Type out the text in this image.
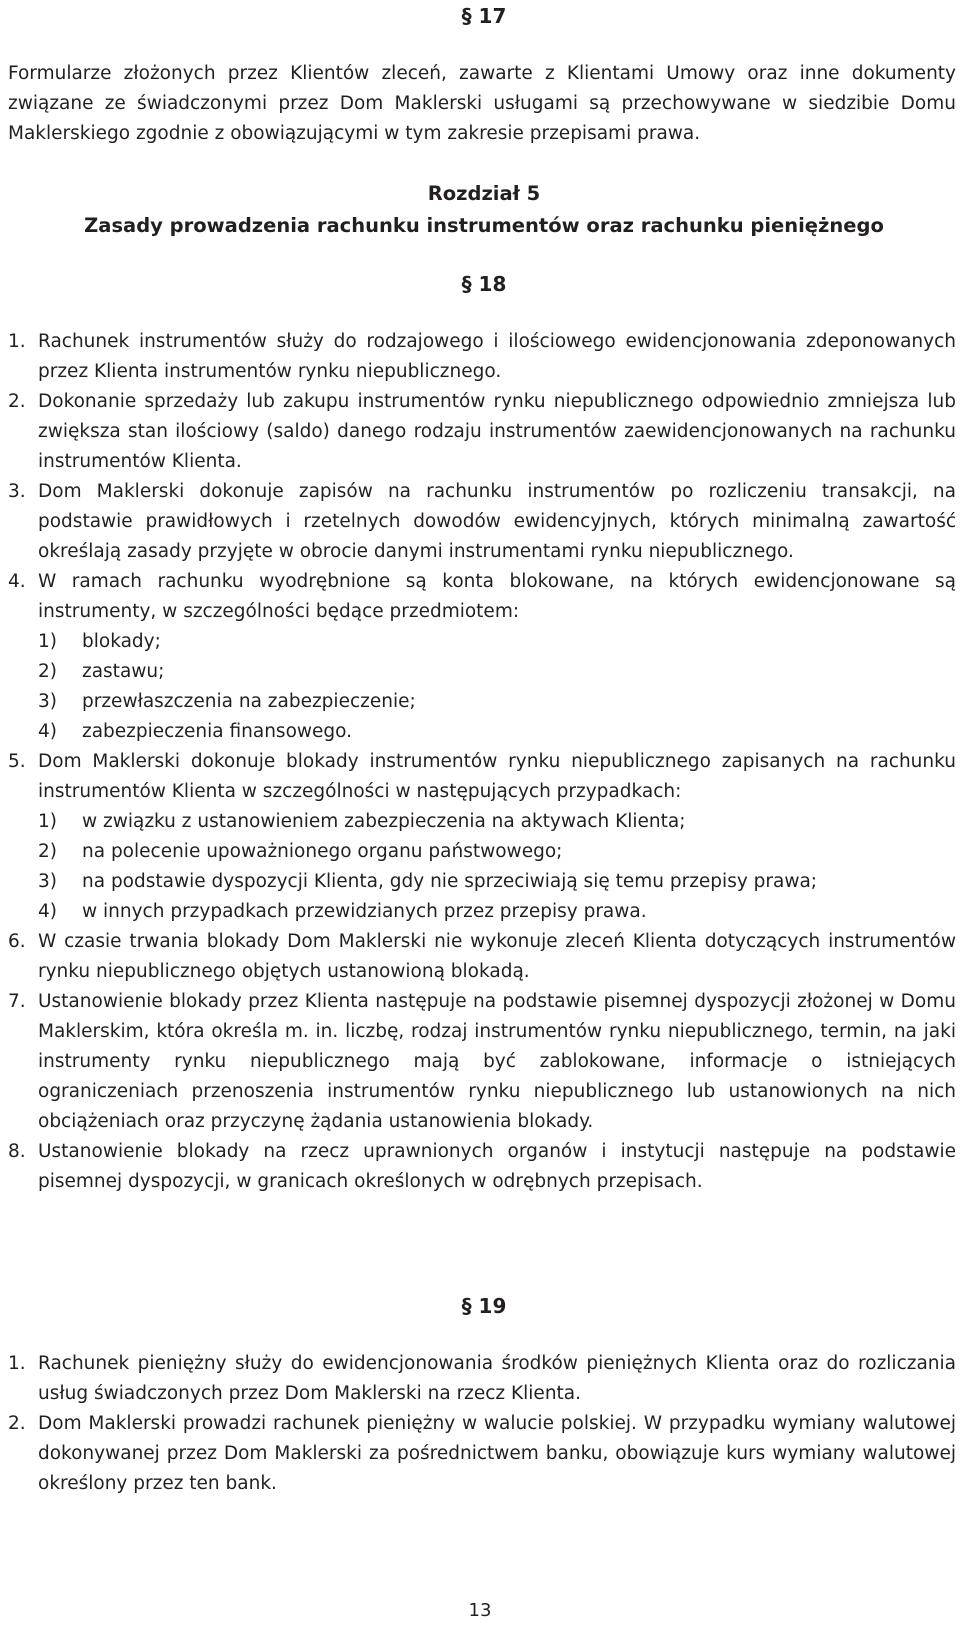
§ 17
Formularze złożonych przez Klientów zleceń, zawarte z Klientami Umowy oraz inne dokumenty związane ze świadczonymi przez Dom Maklerski usługami są przechowywane w siedzibie Domu Maklerskiego zgodnie z obowiązującymi w tym zakresie przepisami prawa.
Rozdział 5
Zasady prowadzenia rachunku instrumentów oraz rachunku pieniężnego
§ 18
1. Rachunek instrumentów służy do rodzajowego i ilościowego ewidencjonowania zdeponowanych przez Klienta instrumentów rynku niepublicznego.
2. Dokonanie sprzedaży lub zakupu instrumentów rynku niepublicznego odpowiednio zmniejsza lub zwiększa stan ilościowy (saldo) danego rodzaju instrumentów zaewidencjonowanych na rachunku instrumentów Klienta.
3. Dom Maklerski dokonuje zapisów na rachunku instrumentów po rozliczeniu transakcji, na podstawie prawidłowych i rzetelnych dowodów ewidencyjnych, których minimalną zawartość określają zasady przyjęte w obrocie danymi instrumentami rynku niepublicznego.
4. W ramach rachunku wyodrębnione są konta blokowane, na których ewidencjonowane są instrumenty, w szczególności będące przedmiotem:
1)	blokady;
2)	zastawu;
3)	przewłaszczenia na zabezpieczenie;
4)	zabezpieczenia finansowego.
5. Dom Maklerski dokonuje blokady instrumentów rynku niepublicznego zapisanych na rachunku instrumentów Klienta w szczególności w następujących przypadkach:
1)	w związku z ustanowieniem zabezpieczenia na aktywach Klienta;
2)	na polecenie upoważnionego organu państwowego;
3)	na podstawie dyspozycji Klienta, gdy nie sprzeciwiają się temu przepisy prawa;
4)	w innych przypadkach przewidzianych przez przepisy prawa.
6. W czasie trwania blokady Dom Maklerski nie wykonuje zleceń Klienta dotyczących instrumentów rynku niepublicznego objętych ustanowioną blokadą.
7. Ustanowienie blokady przez Klienta następuje na podstawie pisemnej dyspozycji złożonej w Domu Maklerskim, która określa m. in. liczbę, rodzaj instrumentów rynku niepublicznego, termin, na jaki instrumenty rynku niepublicznego mają być zablokowane, informacje o istniejących ograniczeniach przenoszenia instrumentów rynku niepublicznego lub ustanowionych na nich obciążeniach oraz przyczynę żądania ustanowienia blokady.
8. Ustanowienie blokady na rzecz uprawnionych organów i instytucji następuje na podstawie pisemnej dyspozycji, w granicach określonych w odrębnych przepisach.
§ 19
1. Rachunek pieniężny służy do ewidencjonowania środków pieniężnych Klienta oraz do rozliczania usług świadczonych przez Dom Maklerski na rzecz Klienta.
2. Dom Maklerski prowadzi rachunek pieniężny w walucie polskiej. W przypadku wymiany walutowej dokonywanej przez Dom Maklerski za pośrednictwem banku, obowiązuje kurs wymiany walutowej określony przez ten bank.
13
